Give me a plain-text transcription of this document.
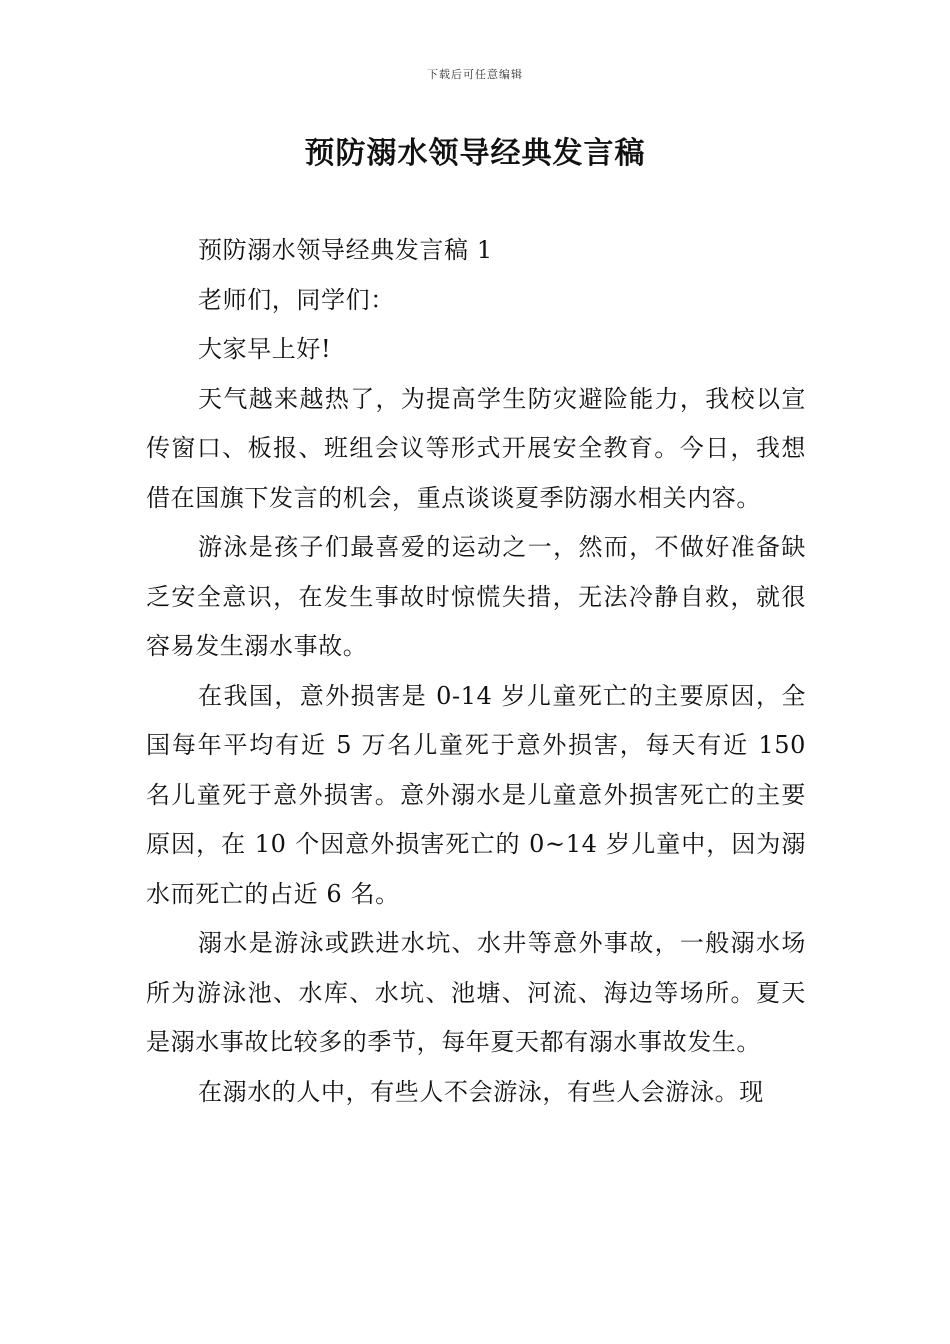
下载后可任意编辑
预防溺水领导经典发言稿

预防溺水领导经典发言稿 1

老师们，同学们：

大家早上好!

天气越来越热了，为提高学生防灾避险能力，我校以宣传窗口、板报、班组会议等形式开展安全教育。今日，我想借在国旗下发言的机会，重点谈谈夏季防溺水相关内容。

游泳是孩子们最喜爱的运动之一，然而，不做好准备缺乏安全意识，在发生事故时惊慌失措，无法冷静自救，就很容易发生溺水事故。

在我国，意外损害是 0-14 岁儿童死亡的主要原因，全国每年平均有近 5 万名儿童死于意外损害，每天有近 150 名儿童死于意外损害。意外溺水是儿童意外损害死亡的主要原因，在 10 个因意外损害死亡的 0~14 岁儿童中，因为溺水而死亡的占近 6 名。

溺水是游泳或跌进水坑、水井等意外事故，一般溺水场所为游泳池、水库、水坑、池塘、河流、海边等场所。夏天是溺水事故比较多的季节，每年夏天都有溺水事故发生。

在溺水的人中，有些人不会游泳，有些人会游泳。现
